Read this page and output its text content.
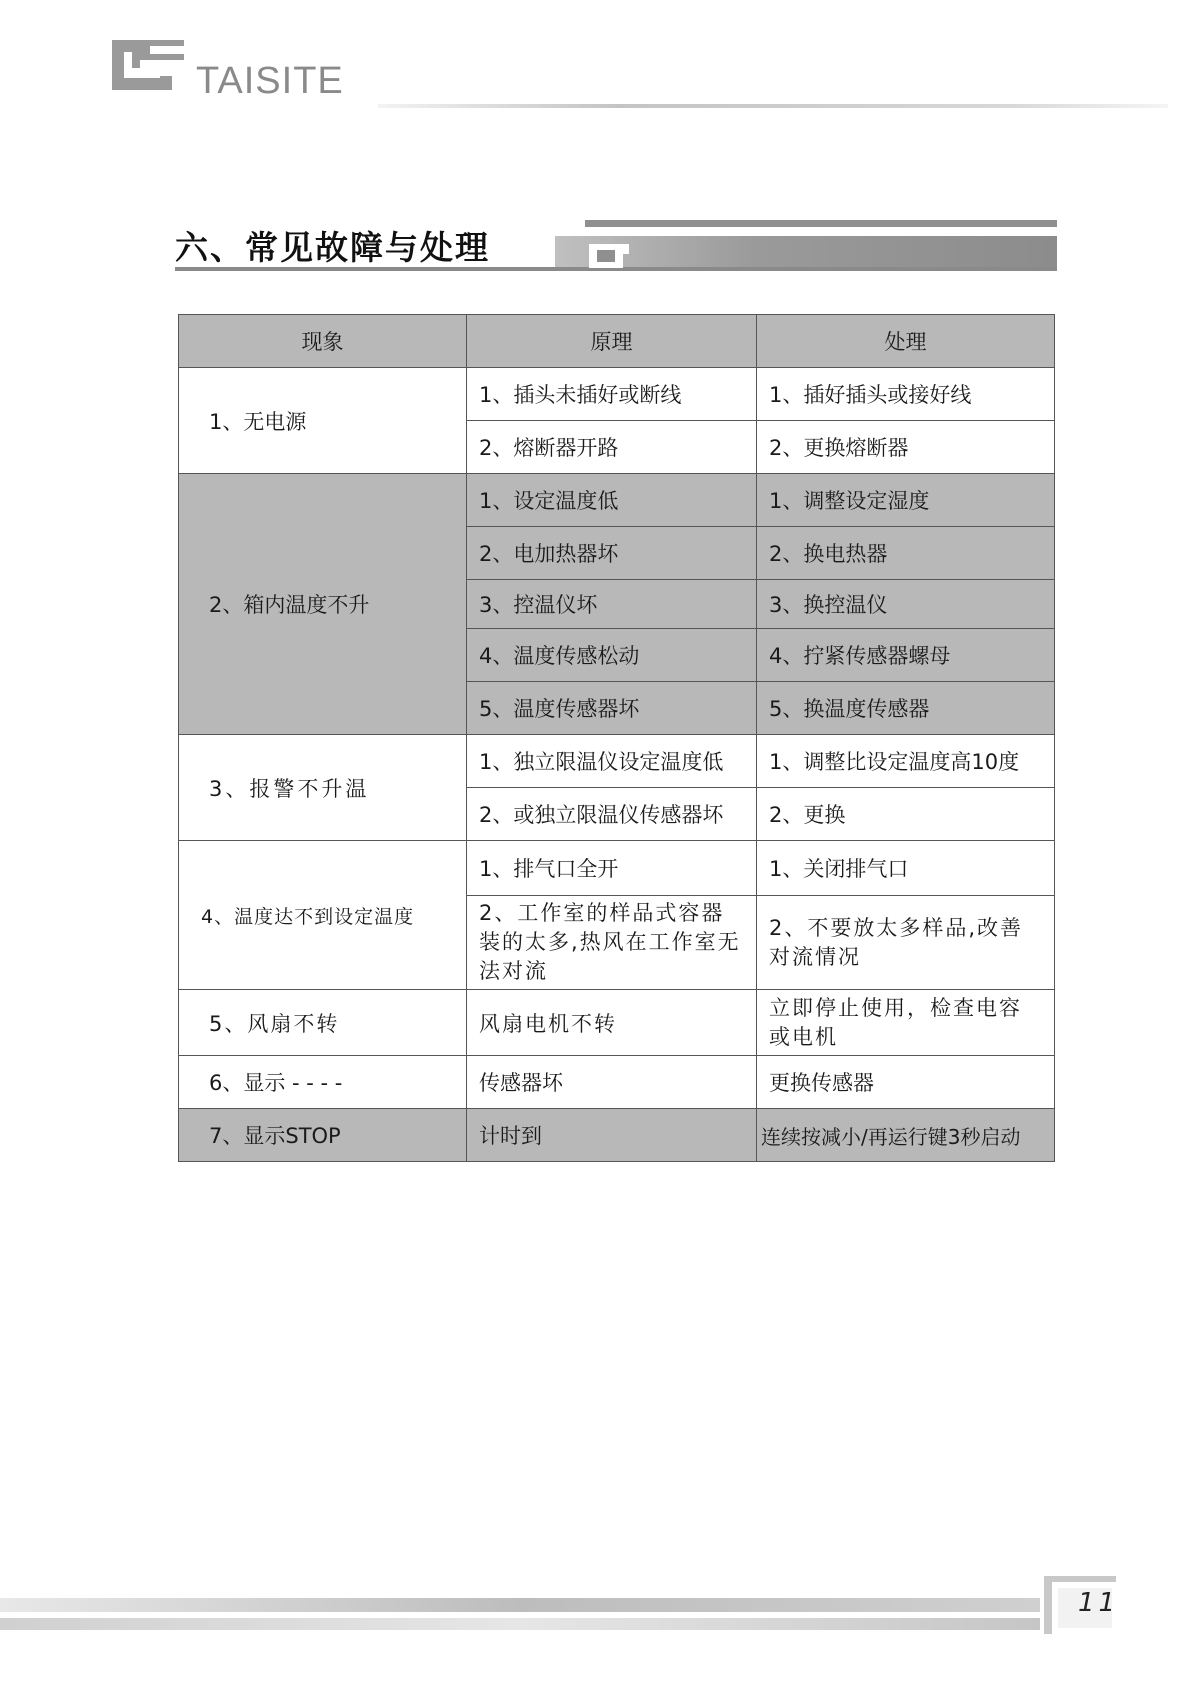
TAISITE
六、常见故障与处理
现象	原理	处理
1、无电源	1、插头未插好或断线	1、插好插头或接好线
	2、熔断器开路	2、更换熔断器
2、箱内温度不升	1、设定温度低	1、调整设定湿度
	2、电加热器坏	2、换电热器
	3、控温仪坏	3、换控温仪
	4、温度传感松动	4、拧紧传感器螺母
	5、温度传感器坏	5、换温度传感器
3、报警不升温	1、独立限温仪设定温度低	1、调整比设定温度高10度
	2、或独立限温仪传感器坏	2、更换
4、温度达不到设定温度	1、排气口全开	1、关闭排气口
	2、工作室的样品式容器装的太多,热风在工作室无法对流	2、不要放太多样品,改善对流情况
5、风扇不转	风扇电机不转	立即停止使用，检查电容或电机
6、显示 - - - -	传感器坏	更换传感器
7、显示STOP	计时到	连续按减小/再运行键3秒启动
11
